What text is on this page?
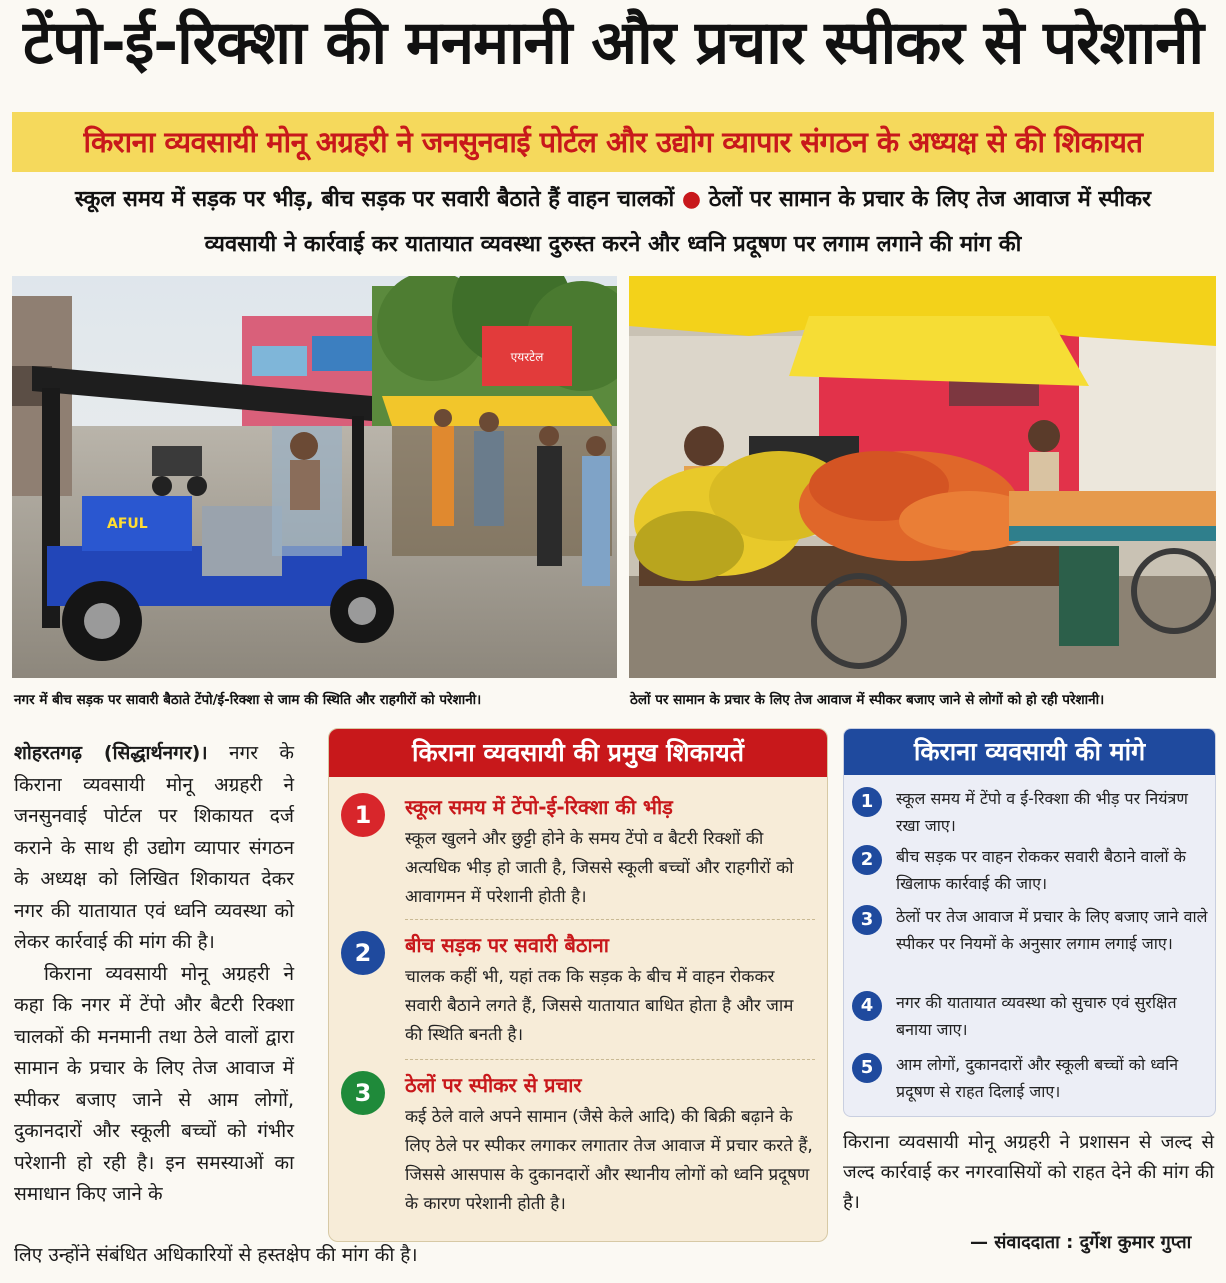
टेंपो-ई-रिक्शा की मनमानी और प्रचार स्पीकर से परेशानी
किराना व्यवसायी मोनू अग्रहरी ने जनसुनवाई पोर्टल और उद्योग व्यापार संगठन के अध्यक्ष से की शिकायत
स्कूल समय में सड़क पर भीड़, बीच सड़क पर सवारी बैठाते हैं वाहन चालकों ● ठेलों पर सामान के प्रचार के लिए तेज आवाज में स्पीकर
व्यवसायी ने कार्रवाई कर यातायात व्यवस्था दुरुस्त करने और ध्वनि प्रदूषण पर लगाम लगाने की मांग की
एयरटेल
AFUL
नगर में बीच सड़क पर सावारी बैठाते टेंपो/ई-रिक्शा से जाम की स्थिति और राहगीरों को परेशानी।	ठेलों पर सामान के प्रचार के लिए तेज आवाज में स्पीकर बजाए जाने से लोगों को हो रही परेशानी।

शोहरतगढ़ (सिद्धार्थनगर)। नगर के किराना व्यवसायी मोनू अग्रहरी ने जनसुनवाई पोर्टल पर शिकायत दर्ज कराने के साथ ही उद्योग व्यापार संगठन के अध्यक्ष को लिखित शिकायत देकर नगर की यातायात एवं ध्वनि व्यवस्था को लेकर कार्रवाई की मांग की है।

किराना व्यवसायी मोनू अग्रहरी ने कहा कि नगर में टेंपो और बैटरी रिक्शा चालकों की मनमानी तथा ठेले वालों द्वारा सामान के प्रचार के लिए तेज आवाज में स्पीकर बजाए जाने से आम लोगों, दुकानदारों और स्कूली बच्चों को गंभीर परेशानी हो रही है। इन समस्याओं का समाधान किए जाने के

लिए उन्होंने संबंधित अधिकारियों से हस्तक्षेप की मांग की है।
किराना व्यवसायी की प्रमुख शिकायतें
1	स्कूल समय में टेंपो-ई-रिक्शा की भीड़
स्कूल खुलने और छुट्टी होने के समय टेंपो व बैटरी रिक्शों की अत्यधिक भीड़ हो जाती है, जिससे स्कूली बच्चों और राहगीरों को आवागमन में परेशानी होती है।
2	बीच सड़क पर सवारी बैठाना
चालक कहीं भी, यहां तक कि सड़क के बीच में वाहन रोककर सवारी बैठाने लगते हैं, जिससे यातायात बाधित होता है और जाम की स्थिति बनती है।
3	ठेलों पर स्पीकर से प्रचार
कई ठेले वाले अपने सामान (जैसे केले आदि) की बिक्री बढ़ाने के लिए ठेले पर स्पीकर लगाकर लगातार तेज आवाज में प्रचार करते हैं, जिससे आसपास के दुकानदारों और स्थानीय लोगों को ध्वनि प्रदूषण के कारण परेशानी होती है।
किराना व्यवसायी की मांगे
1	स्कूल समय में टेंपो व ई-रिक्शा की भीड़ पर नियंत्रण रखा जाए।
2	बीच सड़क पर वाहन रोककर सवारी बैठाने वालों के खिलाफ कार्रवाई की जाए।
3	ठेलों पर तेज आवाज में प्रचार के लिए बजाए जाने वाले स्पीकर पर नियमों के अनुसार लगाम लगाई जाए।
4	नगर की यातायात व्यवस्था को सुचारु एवं सुरक्षित बनाया जाए।
5	आम लोगों, दुकानदारों और स्कूली बच्चों को ध्वनि प्रदूषण से राहत दिलाई जाए।
किराना व्यवसायी मोनू अग्रहरी ने प्रशासन से जल्द से जल्द कार्रवाई कर नगरवासियों को राहत देने की मांग की है।
— संवाददाता : दुर्गेश कुमार गुप्ता
